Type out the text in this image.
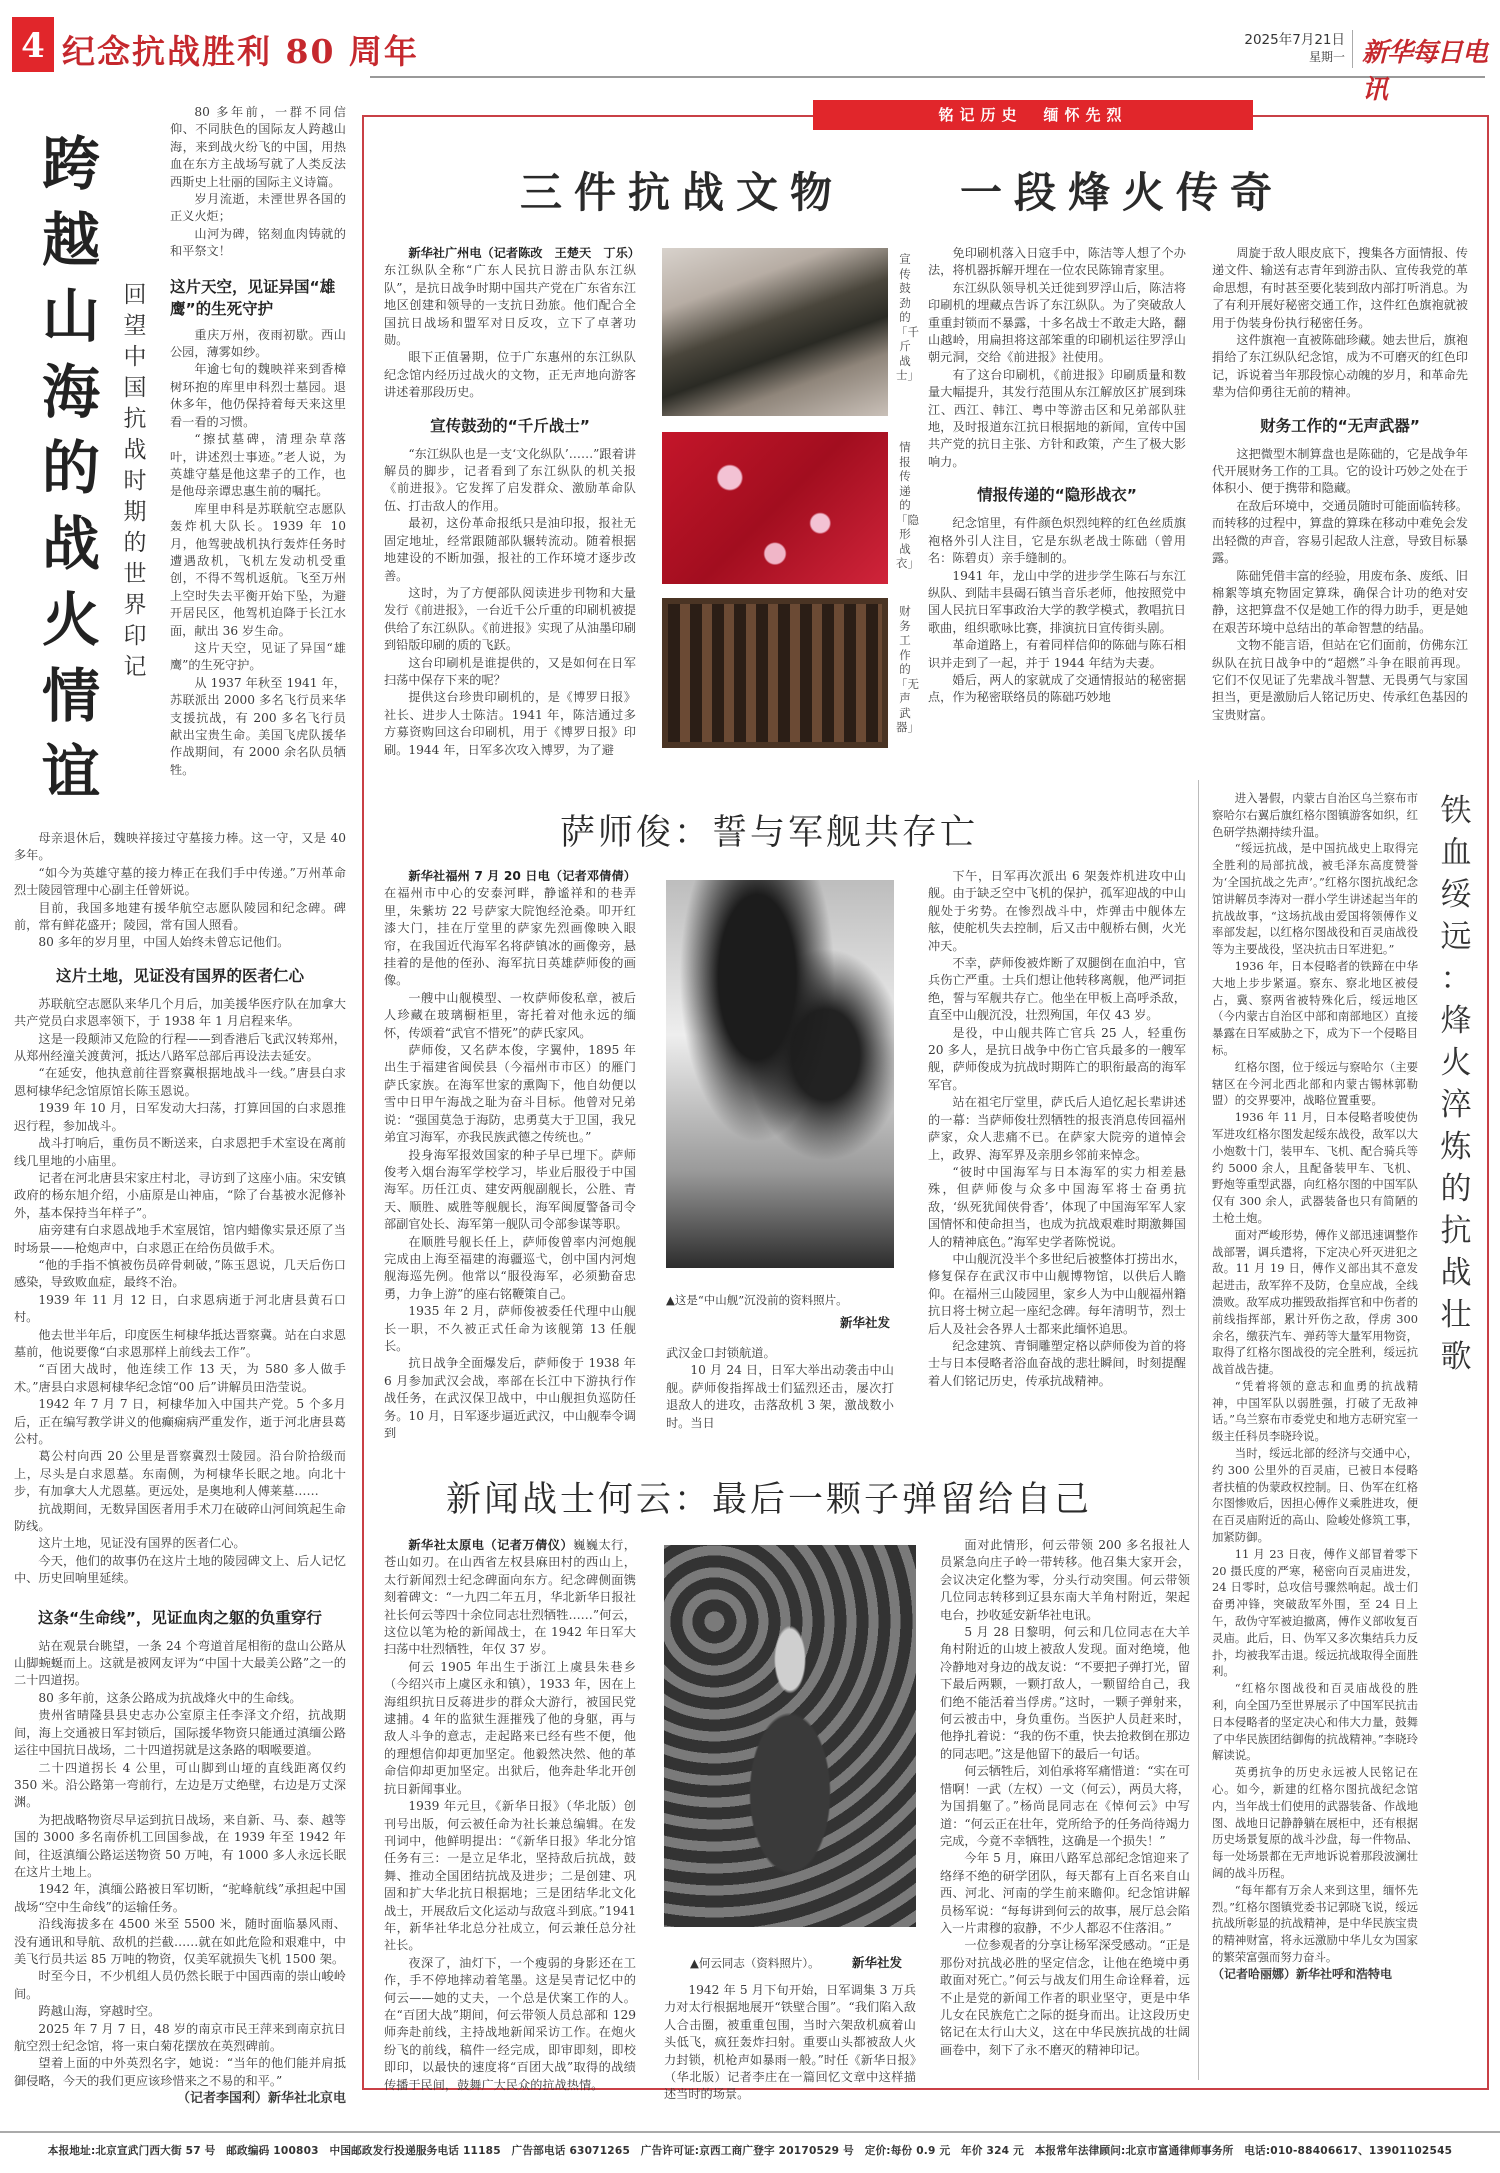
4 纪念抗战胜利 80 周年	2025年7月21日
星期一 新华每日电讯
跨
越
山
海
的
战
火
情
谊
回
望
中
国
抗
战
时
期
的
世
界
印
记

80 多年前，一群不同信仰、不同肤色的国际友人跨越山海，来到战火纷飞的中国，用热血在东方主战场写就了人类反法西斯史上壮丽的国际主义诗篇。

岁月流逝，未湮世界各国的正义火炬；

山河为碑，铭刻血肉铸就的和平祭文！

这片天空，见证异国“雄鹰”的生死守护

重庆万州，夜雨初歇。西山公园，薄雾如纱。

年逾七旬的魏映祥来到香樟树环抱的库里申科烈士墓园。退休多年，他仍保持着每天来这里看一看的习惯。

“擦拭墓碑，清理杂草落叶，讲述烈士事迹。”老人说，为英雄守墓是他这辈子的工作，也是他母亲谭忠惠生前的嘱托。

库里申科是苏联航空志愿队轰炸机大队长。1939 年 10 月，他驾驶战机执行轰炸任务时遭遇敌机，飞机左发动机受重创，不得不驾机返航。飞至万州上空时失去平衡开始下坠，为避开居民区，他驾机迫降于长江水面，献出 36 岁生命。

这片天空，见证了异国“雄鹰”的生死守护。

从 1937 年秋至 1941 年，苏联派出 2000 多名飞行员来华支援抗战，有 200 多名飞行员献出宝贵生命。美国飞虎队援华作战期间，有 2000 余名队员牺牲。

母亲退休后，魏映祥接过守墓接力棒。这一守，又是 40 多年。

“如今为英雄守墓的接力棒正在我们手中传递。”万州革命烈士陵园管理中心副主任曾妍说。

目前，我国多地建有援华航空志愿队陵园和纪念碑。碑前，常有鲜花盛开；陵园，常有国人照看。

80 多年的岁月里，中国人始终未曾忘记他们。

这片土地，见证没有国界的医者仁心

苏联航空志愿队来华几个月后，加美援华医疗队在加拿大共产党员白求恩率领下，于 1938 年 1 月启程来华。

这是一段颠沛又危险的行程——到香港后飞武汉转郑州，从郑州经潼关渡黄河，抵达八路军总部后再设法去延安。

“在延安，他执意前往晋察冀根据地战斗一线。”唐县白求恩柯棣华纪念馆原馆长陈玉恩说。

1939 年 10 月，日军发动大扫荡，打算回国的白求恩推迟行程，参加战斗。

战斗打响后，重伤员不断送来，白求恩把手术室设在离前线几里地的小庙里。

记者在河北唐县宋家庄村北，寻访到了这座小庙。宋安镇政府的杨东旭介绍，小庙原是山神庙，“除了台基被水泥修补外，基本保持当年样子”。

庙旁建有白求恩战地手术室展馆，馆内蜡像实景还原了当时场景——枪炮声中，白求恩正在给伤员做手术。

“他的手指不慎被伤员碎骨刺破，”陈玉恩说，几天后伤口感染，导致败血症，最终不治。

1939 年 11 月 12 日，白求恩病逝于河北唐县黄石口村。

他去世半年后，印度医生柯棣华抵达晋察冀。站在白求恩墓前，他说要像“白求恩那样上前线去工作”。

“百团大战时，他连续工作 13 天，为 580 多人做手术。”唐县白求恩柯棣华纪念馆“00 后”讲解员田浩莹说。

1942 年 7 月 7 日，柯棣华加入中国共产党。5 个多月后，正在编写教学讲义的他癫痫病严重发作，逝于河北唐县葛公村。

葛公村向西 20 公里是晋察冀烈士陵园。沿台阶拾级而上，尽头是白求恩墓。东南侧，为柯棣华长眠之地。向北十步，有加拿大人尤恩墓。更远处，是奥地利人傅莱墓……

抗战期间，无数异国医者用手术刀在破碎山河间筑起生命防线。

这片土地，见证没有国界的医者仁心。

今天，他们的故事仍在这片土地的陵园碑文上、后人记忆中、历史回响里延续。

这条“生命线”，见证血肉之躯的负重穿行

站在观景台眺望，一条 24 个弯道首尾相衔的盘山公路从山脚蜿蜒而上。这就是被网友评为“中国十大最美公路”之一的二十四道拐。

80 多年前，这条公路成为抗战烽火中的生命线。

贵州省晴隆县县史志办公室原主任李泽文介绍，抗战期间，海上交通被日军封锁后，国际援华物资只能通过滇缅公路运往中国抗日战场，二十四道拐就是这条路的咽喉要道。

二十四道拐长 4 公里，可山脚到山垭的直线距离仅约 350 米。沿公路第一弯前行，左边是万丈绝壁，右边是万丈深渊。

为把战略物资尽早运到抗日战场，来自新、马、泰、越等国的 3000 多名南侨机工回国参战，在 1939 年至 1942 年间，往返滇缅公路运送物资 50 万吨，有 1000 多人永远长眠在这片土地上。

1942 年，滇缅公路被日军切断，“驼峰航线”承担起中国战场“空中生命线”的运输任务。

沿线海拔多在 4500 米至 5500 米，随时面临暴风雨、没有通讯和导航、敌机的拦截……就在如此危险和艰难中，中美飞行员共运 85 万吨的物资，仅美军就损失飞机 1500 架。

时至今日，不少机组人员仍然长眠于中国西南的崇山峻岭间。

跨越山海，穿越时空。

2025 年 7 月 7 日，48 岁的南京市民王萍来到南京抗日航空烈士纪念馆，将一束白菊花摆放在英烈碑前。

望着上面的中外英烈名字，她说：“当年的他们能并肩抵御侵略，今天的我们更应该珍惜来之不易的和平。”

（记者李国利）新华社北京电

铭记历史　缅怀先烈
三件抗战文物	一段烽火传奇

新华社广州电（记者陈改　王楚天　丁乐）东江纵队全称“广东人民抗日游击队东江纵队”，是抗日战争时期中国共产党在广东省东江地区创建和领导的一支抗日劲旅。他们配合全国抗日战场和盟军对日反攻，立下了卓著功勋。

眼下正值暑期，位于广东惠州的东江纵队纪念馆内经历过战火的文物，正无声地向游客讲述着那段历史。

宣传鼓劲的“千斤战士”

“东江纵队也是一支‘文化纵队’……”跟着讲解员的脚步，记者看到了东江纵队的机关报《前进报》。它发挥了启发群众、激励革命队伍、打击敌人的作用。

最初，这份革命报纸只是油印报，报社无固定地址，经常跟随部队辗转流动。随着根据地建设的不断加强，报社的工作环境才逐步改善。

这时，为了方便部队阅读进步刊物和大量发行《前进报》，一台近千公斤重的印刷机被提供给了东江纵队。《前进报》实现了从油墨印刷到铅版印刷的质的飞跃。

这台印刷机是谁提供的，又是如何在日军扫荡中保存下来的呢？

提供这台珍贵印刷机的，是《博罗日报》社长、进步人士陈洁。1941 年，陈洁通过多方募资购回这台印刷机，用于《博罗日报》印刷。1944 年，日军多次攻入博罗，为了避

宣传鼓劲的「千斤战士」
情报传递的「隐形战衣」
财务工作的「无声武器」

免印刷机落入日寇手中，陈洁等人想了个办法，将机器拆解开埋在一位农民陈锦青家里。

东江纵队领导机关迁徙到罗浮山后，陈洁将印刷机的埋藏点告诉了东江纵队。为了突破敌人重重封锁而不暴露，十多名战士不敢走大路，翻山越岭，用扁担将这部笨重的印刷机运往罗浮山朝元洞，交给《前进报》社使用。

有了这台印刷机，《前进报》印刷质量和数量大幅提升，其发行范围从东江解放区扩展到珠江、西江、韩江、粤中等游击区和兄弟部队驻地，及时报道东江抗日根据地的新闻，宣传中国共产党的抗日主张、方针和政策，产生了极大影响力。

情报传递的“隐形战衣”

纪念馆里，有件颜色炽烈纯粹的红色丝质旗袍格外引人注目，它是东纵老战士陈础（曾用名：陈碧贞）亲手缝制的。

1941 年，龙山中学的进步学生陈石与东江纵队、到陆丰县碣石镇当音乐老师，他按照党中国人民抗日军事政治大学的教学模式，教唱抗日歌曲，组织歌咏比赛，排演抗日宣传街头剧。

革命道路上，有着同样信仰的陈础与陈石相识并走到了一起，并于 1944 年结为夫妻。

婚后，两人的家就成了交通情报站的秘密据点，作为秘密联络员的陈础巧妙地

周旋于敌人眼皮底下，搜集各方面情报、传递文件、输送有志青年到游击队、宣传我党的革命思想，有时甚至要化装到敌内部打听消息。为了有利开展好秘密交通工作，这件红色旗袍就被用于伪装身份执行秘密任务。

这件旗袍一直被陈础珍藏。她去世后，旗袍捐给了东江纵队纪念馆，成为不可磨灭的红色印记，诉说着当年那段惊心动魄的岁月，和革命先辈为信仰勇往无前的精神。

财务工作的“无声武器”

这把微型木制算盘也是陈础的，它是战争年代开展财务工作的工具。它的设计巧妙之处在于体积小、便于携带和隐藏。

在敌后环境中，交通员随时可能面临转移。而转移的过程中，算盘的算珠在移动中难免会发出轻微的声音，容易引起敌人注意，导致目标暴露。

陈础凭借丰富的经验，用废布条、废纸、旧棉絮等填充物固定算珠，确保合计功的绝对安静，这把算盘不仅是她工作的得力助手，更是她在艰苦环境中总结出的革命智慧的结晶。

文物不能言语，但站在它们面前，仿佛东江纵队在抗日战争中的“超燃”斗争在眼前再现。它们不仅见证了先辈战斗智慧、无畏勇气与家国担当，更是激励后人铭记历史、传承红色基因的宝贵财富。

萨师俊：誓与军舰共存亡

新华社福州 7 月 20 日电（记者邓倩倩）在福州市中心的安泰河畔，静谧祥和的巷弄里，朱紫坊 22 号萨家大院饱经沧桑。叩开红漆大门，挂在厅堂里的萨家先烈画像映入眼帘，在我国近代海军名将萨镇冰的画像旁，悬挂着的是他的侄孙、海军抗日英雄萨师俊的画像。

一艘中山舰模型、一枚萨师俊私章，被后人珍藏在玻璃橱柜里，寄托着对他永远的缅怀，传颂着“武官不惜死”的萨氏家风。

萨师俊，又名萨本俊，字翼仲，1895 年出生于福建省闽侯县（今福州市市区）的雁门萨氏家族。在海军世家的熏陶下，他自幼便以雪中日甲午海战之耻为奋斗目标。他曾对兄弟说：“强国莫急于海防，忠勇莫大于卫国，我兄弟宜习海军，亦我民族武德之传统也。”

投身海军报效国家的种子早已埋下。萨师俊考入烟台海军学校学习，毕业后服役于中国海军。历任江贞、建安两舰副舰长，公胜、青天、顺胜、威胜等舰舰长，海军闽厦警备司令部副官处长、海军第一舰队司令部参谋等职。

在顺胜号舰长任上，萨师俊曾率内河炮舰完成由上海至福建的海疆巡弋，创中国内河炮舰海巡先例。他常以“服役海军，必须勤奋忠勇，力争上游”的座右铭鞭策自己。

1935 年 2 月，萨师俊被委任代理中山舰长一职，不久被正式任命为该舰第 13 任舰长。

抗日战争全面爆发后，萨师俊于 1938 年 6 月参加武汉会战，率部在长江中下游执行作战任务，在武汉保卫战中，中山舰担负巡防任务。10 月，日军逐步逼近武汉，中山舰奉令调到

▲这是“中山舰”沉没前的资料照片。
新华社发

武汉金口封锁航道。

10 月 24 日，日军大举出动袭击中山舰。萨师俊指挥战士们猛烈还击，屡次打退敌人的进攻，击落敌机 3 架，激战数小时。当日

下午，日军再次派出 6 架轰炸机进攻中山舰。由于缺乏空中飞机的保护，孤军迎战的中山舰处于劣势。在惨烈战斗中，炸弹击中舰体左舷，使舵机失去控制，后又击中舰桥右侧，火光冲天。

不幸，萨师俊被炸断了双腿倒在血泊中，官兵伤亡严重。士兵们想让他转移离舰，他严词拒绝，誓与军舰共存亡。他坐在甲板上高呼杀敌，直至中山舰沉没，壮烈殉国，年仅 43 岁。

是役，中山舰共阵亡官兵 25 人，轻重伤 20 多人，是抗日战争中伤亡官兵最多的一艘军舰，萨师俊成为抗战时期阵亡的职衔最高的海军军官。

站在祖宅厅堂里，萨氏后人追忆起长辈讲述的一幕：当萨师俊壮烈牺牲的报丧消息传回福州萨家，众人悲痛不已。在萨家大院旁的道悼会上，政界、海军界及亲朋乡邻前来悼念。

“彼时中国海军与日本海军的实力相差悬殊，但萨师俊与众多中国海军将士奋勇抗敌，‘纵死犹闻侠骨香’，体现了中国海军军人家国情怀和使命担当，也成为抗战艰难时期激舞国人的精神底色。”海军史学者陈悦说。

中山舰沉没半个多世纪后被整体打捞出水，修复保存在武汉市中山舰博物馆，以供后人瞻仰。在福州三山陵园里，家乡人为中山舰福州籍抗日将士树立起一座纪念碑。每年清明节，烈士后人及社会各界人士都来此缅怀追思。

纪念建筑、青铜雕塑定格以萨师俊为首的将士与日本侵略者浴血奋战的悲壮瞬间，时刻提醒着人们铭记历史，传承抗战精神。

新闻战士何云：最后一颗子弹留给自己

新华社太原电（记者万倩仪）巍巍太行，苍山如刃。在山西省左权县麻田村的西山上，太行新闻烈士纪念碑面向东方。纪念碑侧面镌刻着碑文：“一九四二年五月，华北新华日报社社长何云等四十余位同志壮烈牺牲……”何云，这位以笔为枪的新闻战士，在 1942 年日军大扫荡中壮烈牺牲，年仅 37 岁。

何云 1905 年出生于浙江上虞县朱巷乡（今绍兴市上虞区永和镇），1933 年，因在上海组织抗日反蒋进步的群众大游行，被国民党逮捕。4 年的监狱生涯摧残了他的身躯，再与敌人斗争的意志，走起路来已经有些不便，他的理想信仰却更加坚定。他毅然决然、他的革命信仰却更加坚定。出狱后，他奔赴华北开创抗日新闻事业。

1939 年元旦，《新华日报》（华北版）创刊号出版，何云被任命为社长兼总编辑。在发刊词中，他鲜明提出：“《新华日报》华北分馆任务有三：一是立足华北，坚持敌后抗战，鼓舞、推动全国团结抗战及进步；二是创建、巩固和扩大华北抗日根据地；三是团结华北文化战士，开展敌后文化运动与敌寇斗到底。”1941 年，新华社华北总分社成立，何云兼任总分社社长。

夜深了，油灯下，一个瘦弱的身影还在工作，手不停地摔动着笔墨。这是吴青记忆中的何云——她的丈夫，一个总是伏案工作的人。在“百团大战”期间，何云带领人员总部和 129 师奔赴前线，主持战地新闻采访工作。在炮火纷飞的前线，稿件一经完成，即审即刻，即校即印，以最快的速度将“百团大战”取得的战绩传播于民间，鼓舞广大民众的抗战热情。

▲何云同志（资料照片）。	新华社发

1942 年 5 月下旬开始，日军调集 3 万兵力对太行根据地展开“铁壁合围”。“我们陷入敌人合击圈，被重重包围，当时六架敌机疯着山头低飞，疯狂轰炸扫射。重要山头都被敌人火力封锁，机枪声如暴雨一般。”时任《新华日报》（华北版）记者李庄在一篇回忆文章中这样描述当时的场景。

面对此情形，何云带领 200 多名报社人员紧急向庄子岭一带转移。他召集大家开会，会议决定化整为零，分头行动突围。何云带领几位同志转移到辽县东南大羊角村附近，架起电台，抄收延安新华社电讯。

5 月 28 日黎明，何云和几位同志在大羊角村附近的山坡上被敌人发现。面对绝境，他冷静地对身边的战友说：“不要把子弹打光，留下最后两颗，一颗打敌人，一颗留给自己，我们绝不能活着当俘虏。”这时，一颗子弹射来，何云被击中，身负重伤。当医护人员赶来时，他挣扎着说：“我的伤不重，快去抢救倒在那边的同志吧。”这是他留下的最后一句话。

何云牺牲后，刘伯承将军痛惜道：“实在可惜啊！一武（左权）一文（何云），两员大将，为国捐躯了。”杨尚昆同志在《悼何云》中写道：“何云正在壮年，党所给予的任务尚待竭力完成，今竟不幸牺牲，这确是一个损失！”

今年 5 月，麻田八路军总部纪念馆迎来了络绎不绝的研学团队，每天都有上百名来自山西、河北、河南的学生前来瞻仰。纪念馆讲解员杨军说：“每每讲到何云的故事，展厅总会陷入一片肃穆的寂静，不少人都忍不住落泪。”

一位参观者的分享让杨军深受感动。“正是那份对抗战必胜的坚定信念，让他在绝境中勇敢面对死亡。”何云与战友们用生命诠释着，远不止是党的新闻工作者的职业坚守，更是中华儿女在民族危亡之际的挺身而出。让这段历史铭记在太行山大义，这在中华民族抗战的壮阔画卷中，刻下了永不磨灭的精神印记。

铁
血
绥
远
：
烽
火
淬
炼
的
抗
战
壮
歌

进入暑假，内蒙古自治区乌兰察布市察哈尔右翼后旗红格尔图镇游客如织，红色研学热潮持续升温。

“绥远抗战，是中国抗战史上取得完全胜利的局部抗战，被毛泽东高度赞誉为‘全国抗战之先声’。”红格尔图抗战纪念馆讲解员李涛对一群小学生讲述起当年的抗战故事，“这场抗战由爱国将领傅作义率部发起，以红格尔图战役和百灵庙战役等为主要战役，坚决抗击日军进犯。”

1936 年，日本侵略者的铁蹄在中华大地上步步紧逼。察东、察北地区被侵占，冀、察两省被特殊化后，绥远地区（今内蒙古自治区中部和南部地区）直接暴露在日军威胁之下，成为下一个侵略目标。

红格尔图，位于绥远与察哈尔（主要辖区在今河北西北部和内蒙古锡林郭勒盟）的交界要冲，战略位置重要。

1936 年 11 月，日本侵略者唆使伪军进攻红格尔图发起绥东战役，敌军以大小炮数十门，装甲车、飞机、配合骑兵等约 5000 余人，且配备装甲车、飞机、野炮等重型武器，向红格尔图的中国军队仅有 300 余人，武器装备也只有简陋的土枪土炮。

面对严峻形势，傅作义部迅速调整作战部署，调兵遣将，下定决心歼灭进犯之敌。11 月 19 日，傅作义部出其不意发起进击，敌军猝不及防，仓皇应战，全线溃败。敌军成功摧毁敌指挥官和中伤者的前线指挥部，累计歼伤之敌，俘虏 300 余名，缴获汽车、弹药等大量军用物资，取得了红格尔图战役的完全胜利，绥远抗战首战告捷。

“凭着将领的意志和血勇的抗战精神，中国军队以弱胜强，打破了无敌神话。”乌兰察布市委党史和地方志研究室一级主任科员李晓玲说。

当时，绥远北部的经济与交通中心，约 300 公里外的百灵庙，已被日本侵略者扶植的伪蒙政权控制。日、伪军在红格尔图惨败后，因担心傅作义乘胜进攻，便在百灵庙附近的高山、险峻处修筑工事，加紧防御。

11 月 23 日夜，傅作义部冒着零下 20 摄氏度的严寒，秘密向百灵庙进发，24 日零时，总攻信号骤然响起。战士们奋勇冲锋，突破敌军外围，至 24 日上午，敌伪守军被迫撤离，傅作义部收复百灵庙。此后，日、伪军又多次集结兵力反扑，均被我军击退。绥远抗战取得全面胜利。

“红格尔图战役和百灵庙战役的胜利，向全国乃至世界展示了中国军民抗击日本侵略者的坚定决心和伟大力量，鼓舞了中华民族团结御侮的抗战精神。”李晓玲解读说。

英勇抗争的历史永远被人民铭记在心。如今，新建的红格尔图抗战纪念馆内，当年战士们使用的武器装备、作战地图、战地日记静静躺在展柜中，还有根据历史场景复原的战斗沙盘，每一件物品、每一处场景都在无声地诉说着那段波澜壮阔的战斗历程。

“每年都有万余人来到这里，缅怀先烈。”红格尔图镇党委书记郭晓飞说，绥远抗战所彰显的抗战精神，是中华民族宝贵的精神财富，将永远激励中华儿女为国家的繁荣富强而努力奋斗。

（记者哈丽娜）新华社呼和浩特电

本报地址:北京宣武门西大街 57 号　邮政编码 100803　中国邮政发行投递服务电话 11185　广告部电话 63071265　广告许可证:京西工商广登字 20170529 号　定价:每份 0.9 元　年价 324 元　本报常年法律顾问:北京市富通律师事务所　电话:010-88406617、13901102545
